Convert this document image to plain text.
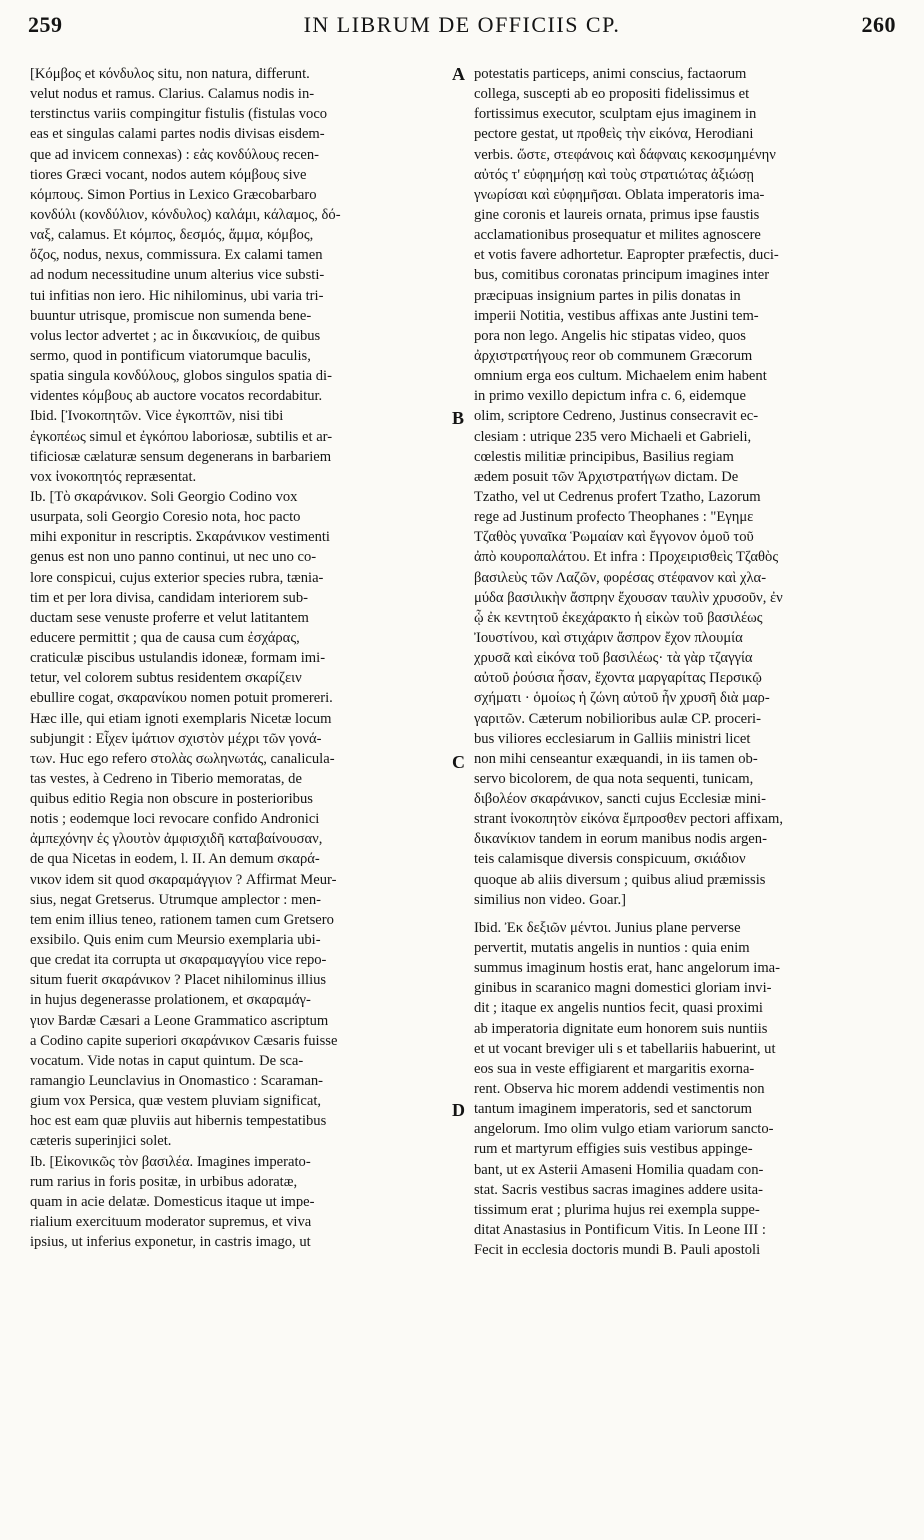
259	IN LIBRUM DE OFFICIIS CP.	260
A
B
C
D
[Κόμβος et κόνδυλος situ, non natura, differunt.
velut nodus et ramus. Clarius. Calamus nodis in-
terstinctus variis compingitur fistulis (fistulas voco
eas et singulas calami partes nodis divisas eisdem-
que ad invicem connexas) : εἀς κονδύλους recen-
tiores Græci vocant, nodos autem κόμβους sive
κόμπους. Simon Portius in Lexico Græcobarbaro
κονδύλι (κονδύλιον, κόνδυλος) καλάμι, κάλαμος, δό-
ναξ, calamus. Et κόμπος, δεσμός, ἅμμα, κόμβος,
ὄζος, nodus, nexus, commissura. Ex calami tamen
ad nodum necessitudine unum alterius vice substi-
tui infitias non iero. Hic nihilominus, ubi varia tri-
buuntur utrisque, promiscue non sumenda bene-
volus lector advertet ; ac in δικανικίοις, de quibus
sermo, quod in pontificum viatorumque baculis,
spatia singula κονδύλους, globos singulos spatia di-
videntes κόμβους ab auctore vocatos recordabitur.
Ibid. [Ἰνοκοπητῶν. Vice ἐγκοπτῶν, nisi tibi
ἐγκοπέως simul et ἐγκόπου laboriosæ, subtilis et ar-
tificiosæ cælaturæ sensum degenerans in barbariem
vox ἰνοκοπητός repræsentat.
Ib. [Τὸ σκαράνικον. Soli Georgio Codino vox
usurpata, soli Georgio Coresio nota, hoc pacto
mihi exponitur in rescriptis. Σκαράνικον vestimenti
genus est non uno panno continui, ut nec uno co-
lore conspicui, cujus exterior species rubra, tænia-
tim et per lora divisa, candidam interiorem sub-
ductam sese venuste proferre et velut latitantem
educere permittit ; qua de causa cum ἐσχάρας,
craticulæ piscibus ustulandis idoneæ, formam imi-
tetur, vel colorem subtus residentem σκαρίζειν
ebullire cogat, σκαρανίκου nomen potuit promereri.
Hæc ille, qui etiam ignoti exemplaris Nicetæ locum
subjungit : Εἶχεν ἱμάτιον σχιστὸν μέχρι τῶν γονά-
των. Huc ego refero στολὰς σωληνωτάς, canalicula-
tas vestes, à Cedreno in Tiberio memoratas, de
quibus editio Regia non obscure in posterioribus
notis ; eodemque loci revocare confido Andronici
ἀμπεχόνην ἐς γλουτὸν ἀμφισχιδῆ καταβαίνουσαν,
de qua Nicetas in eodem, l. II. An demum σκαρά-
νικον idem sit quod σκαραμάγγιον ? Affirmat Meur-
sius, negat Gretserus. Utrumque amplector : men-
tem enim illius teneo, rationem tamen cum Gretsero
exsibilo. Quis enim cum Meursio exemplaria ubi-
que credat ita corrupta ut σκαραμαγγίου vice repo-
situm fuerit σκαράνικον ? Placet nihilominus illius
in hujus degenerasse prolationem, et σκαραμάγ-
γιον Bardæ Cæsari a Leone Grammatico ascriptum
a Codino capite superiori σκαράνικον Cæsaris fuisse
vocatum. Vide notas in caput quintum. De sca-
ramangio Leunclavius in Onomastico : Scaraman-
gium vox Persica, quæ vestem pluviam significat,
hoc est eam quæ pluviis aut hibernis tempestatibus
cæteris superinjici solet.
Ib. [Εἰκονικῶς τὸν βασιλέα. Imagines imperato-
rum rarius in foris positæ, in urbibus adoratæ,
quam in acie delatæ. Domesticus itaque ut impe-
rialium exercituum moderator supremus, et viva
ipsius, ut inferius exponetur, in castris imago, ut
potestatis particeps, animi conscius, factaorum
collega, suscepti ab eo propositi fidelissimus et
fortissimus executor, sculptam ejus imaginem in
pectore gestat, ut προθεὶς τὴν εἰκόνα, Herodiani
verbis. ὥστε, στεφάνοις καὶ δάφναις κεκοσμημένην
αὐτός τ' εὐφημήσῃ καὶ τοὺς στρατιώτας ἀξιώσῃ
γνωρίσαι καὶ εὐφημῆσαι. Oblata imperatoris ima-
gine coronis et laureis ornata, primus ipse faustis
acclamationibus prosequatur et milites agnoscere
et votis favere adhortetur. Eapropter præfectis, duci-
bus, comitibus coronatas principum imagines inter
præcipuas insignium partes in pilis donatas in
imperii Notitia, vestibus affixas ante Justini tem-
pora non lego. Angelis hic stipatas video, quos
ἀρχιστρατήγους reor ob communem Græcorum
omnium erga eos cultum. Michaelem enim habent
in primo vexillo depictum infra c. 6, eidemque
olim, scriptore Cedreno, Justinus consecravit ec-
clesiam : utrique 235 vero Michaeli et Gabrieli,
cœlestis militiæ principibus, Basilius regiam
ædem posuit τῶν Ἀρχιστρατήγων dictam. De
Tzatho, vel ut Cedrenus profert Tzatho, Lazorum
rege ad Justinum profecto Theophanes : "Εγημε
Τζαθὸς γυναῖκα Ῥωμαίαν καὶ ἔγγονον ὁμοῦ τοῦ
ἀπὸ κουροπαλάτου. Et infra : Προχειρισθεὶς Τζαθὸς
βασιλεὺς τῶν Λαζῶν, φορέσας στέφανον καὶ χλα-
μύδα βασιλικὴν ἄσπρην ἔχουσαν ταυλὶν χρυσοῦν, ἐν
ᾧ ἐκ κεντητοῦ ἐκεχάρακτο ἡ εἰκὼν τοῦ βασιλέως
Ἰουστίνου, καὶ στιχάριν ἄσπρον ἔχον πλουμία
χρυσᾶ καὶ εἰκόνα τοῦ βασιλέως· τὰ γὰρ τζαγγία
αὐτοῦ ῥούσια ἦσαν, ἔχοντα μαργαρίτας Περσικῷ
σχήματι · ὁμοίως ἡ ζώνη αὐτοῦ ἦν χρυσῆ διὰ μαρ-
γαριτῶν. Cæterum nobilioribus aulæ CP. proceri-
bus viliores ecclesiarum in Galliis ministri licet
non mihi censeantur exæquandi, in iis tamen ob-
servo bicolorem, de qua nota sequenti, tunicam,
διβολέον σκαράνικον, sancti cujus Ecclesiæ mini-
strant ἰνοκοπητὸν εἰκόνα ἔμπροσθεν pectori affixam,
δικανίκιον tandem in eorum manibus nodis argen-
teis calamisque diversis conspicuum, σκιάδιον
quoque ab aliis diversum ; quibus aliud præmissis
similius non video. Goar.]
Ibid. Ἐκ δεξιῶν μέντοι. Junius plane perverse
pervertit, mutatis angelis in nuntios : quia enim
summus imaginum hostis erat, hanc angelorum ima-
ginibus in scaranico magni domestici gloriam invi-
dit ; itaque ex angelis nuntios fecit, quasi proximi
ab imperatoria dignitate eum honorem suis nuntiis
et ut vocant breviger uli s et tabellariis habuerint, ut
eos sua in veste effigiarent et margaritis exorna-
rent. Observa hic morem addendi vestimentis non
tantum imaginem imperatoris, sed et sanctorum
angelorum. Imo olim vulgo etiam variorum sancto-
rum et martyrum effigies suis vestibus appinge-
bant, ut ex Asterii Amaseni Homilia quadam con-
stat. Sacris vestibus sacras imagines addere usita-
tissimum erat ; plurima hujus rei exempla suppe-
ditat Anastasius in Pontificum Vitis. In Leone III :
Fecit in ecclesia doctoris mundi B. Pauli apostoli
